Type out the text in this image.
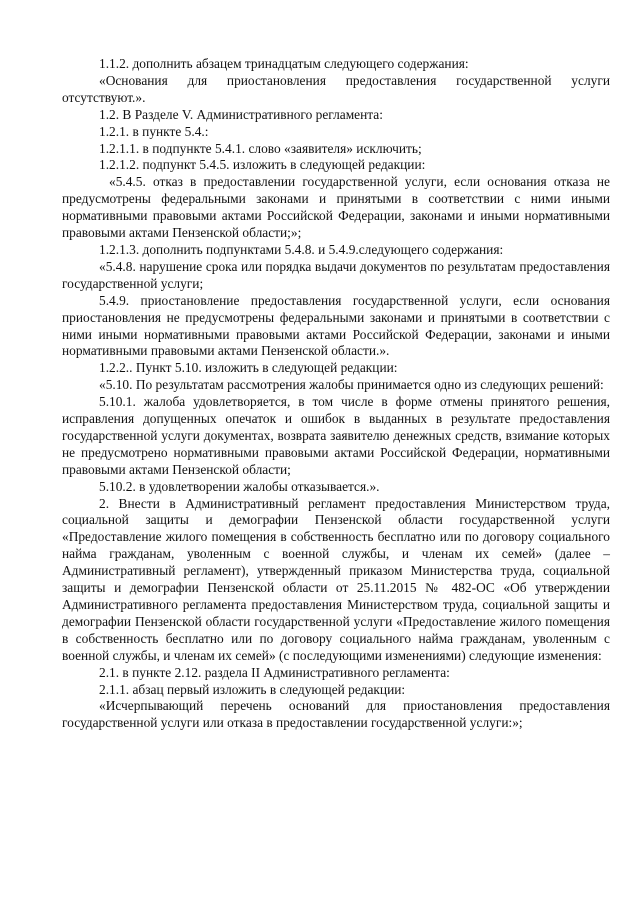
1.1.2. дополнить абзацем тринадцатым следующего содержания:

«Основания для приостановления предоставления государственной услуги отсутствуют.».

1.2. В Разделе V. Административного регламента:

1.2.1. в пункте 5.4.:

1.2.1.1. в подпункте 5.4.1. слово «заявителя» исключить;

1.2.1.2. подпункт 5.4.5. изложить в следующей редакции:

«5.4.5. отказ в предоставлении государственной услуги, если основания отказа не предусмотрены федеральными законами и принятыми в соответствии с ними иными нормативными правовыми актами Российской Федерации, законами и иными нормативными правовыми актами Пензенской области;»;

1.2.1.3. дополнить подпунктами 5.4.8. и 5.4.9.следующего содержания:

«5.4.8. нарушение срока или порядка выдачи документов по результатам предоставления государственной услуги;

5.4.9. приостановление предоставления государственной услуги, если основания приостановления не предусмотрены федеральными законами и принятыми в соответствии с ними иными нормативными правовыми актами Российской Федерации, законами и иными нормативными правовыми актами Пензенской области.».

1.2.2.. Пункт 5.10. изложить в следующей редакции:

«5.10. По результатам рассмотрения жалобы принимается одно из следующих решений:

5.10.1. жалоба удовлетворяется, в том числе в форме отмены принятого решения, исправления допущенных опечаток и ошибок в выданных в результате предоставления государственной услуги документах, возврата заявителю денежных средств, взимание которых не предусмотрено нормативными правовыми актами Российской Федерации, нормативными правовыми актами Пензенской области;

5.10.2. в удовлетворении жалобы отказывается.».

2. Внести в Административный регламент предоставления Министерством труда, социальной защиты и демографии Пензенской области государственной услуги «Предоставление жилого помещения в собственность бесплатно или по договору социального найма гражданам, уволенным с военной службы, и членам их семей» (далее – Административный регламент), утвержденный приказом Министерства труда, социальной защиты и демографии Пензенской области от 25.11.2015 № 482-ОС «Об утверждении Административного регламента предоставления Министерством труда, социальной защиты и демографии Пензенской области государственной услуги «Предоставление жилого помещения в собственность бесплатно или по договору социального найма гражданам, уволенным с военной службы, и членам их семей» (с последующими изменениями) следующие изменения:

2.1. в пункте 2.12. раздела II Административного регламента:

2.1.1. абзац первый изложить в следующей редакции:

«Исчерпывающий перечень оснований для приостановления предоставления государственной услуги или отказа в предоставлении государственной услуги:»;
